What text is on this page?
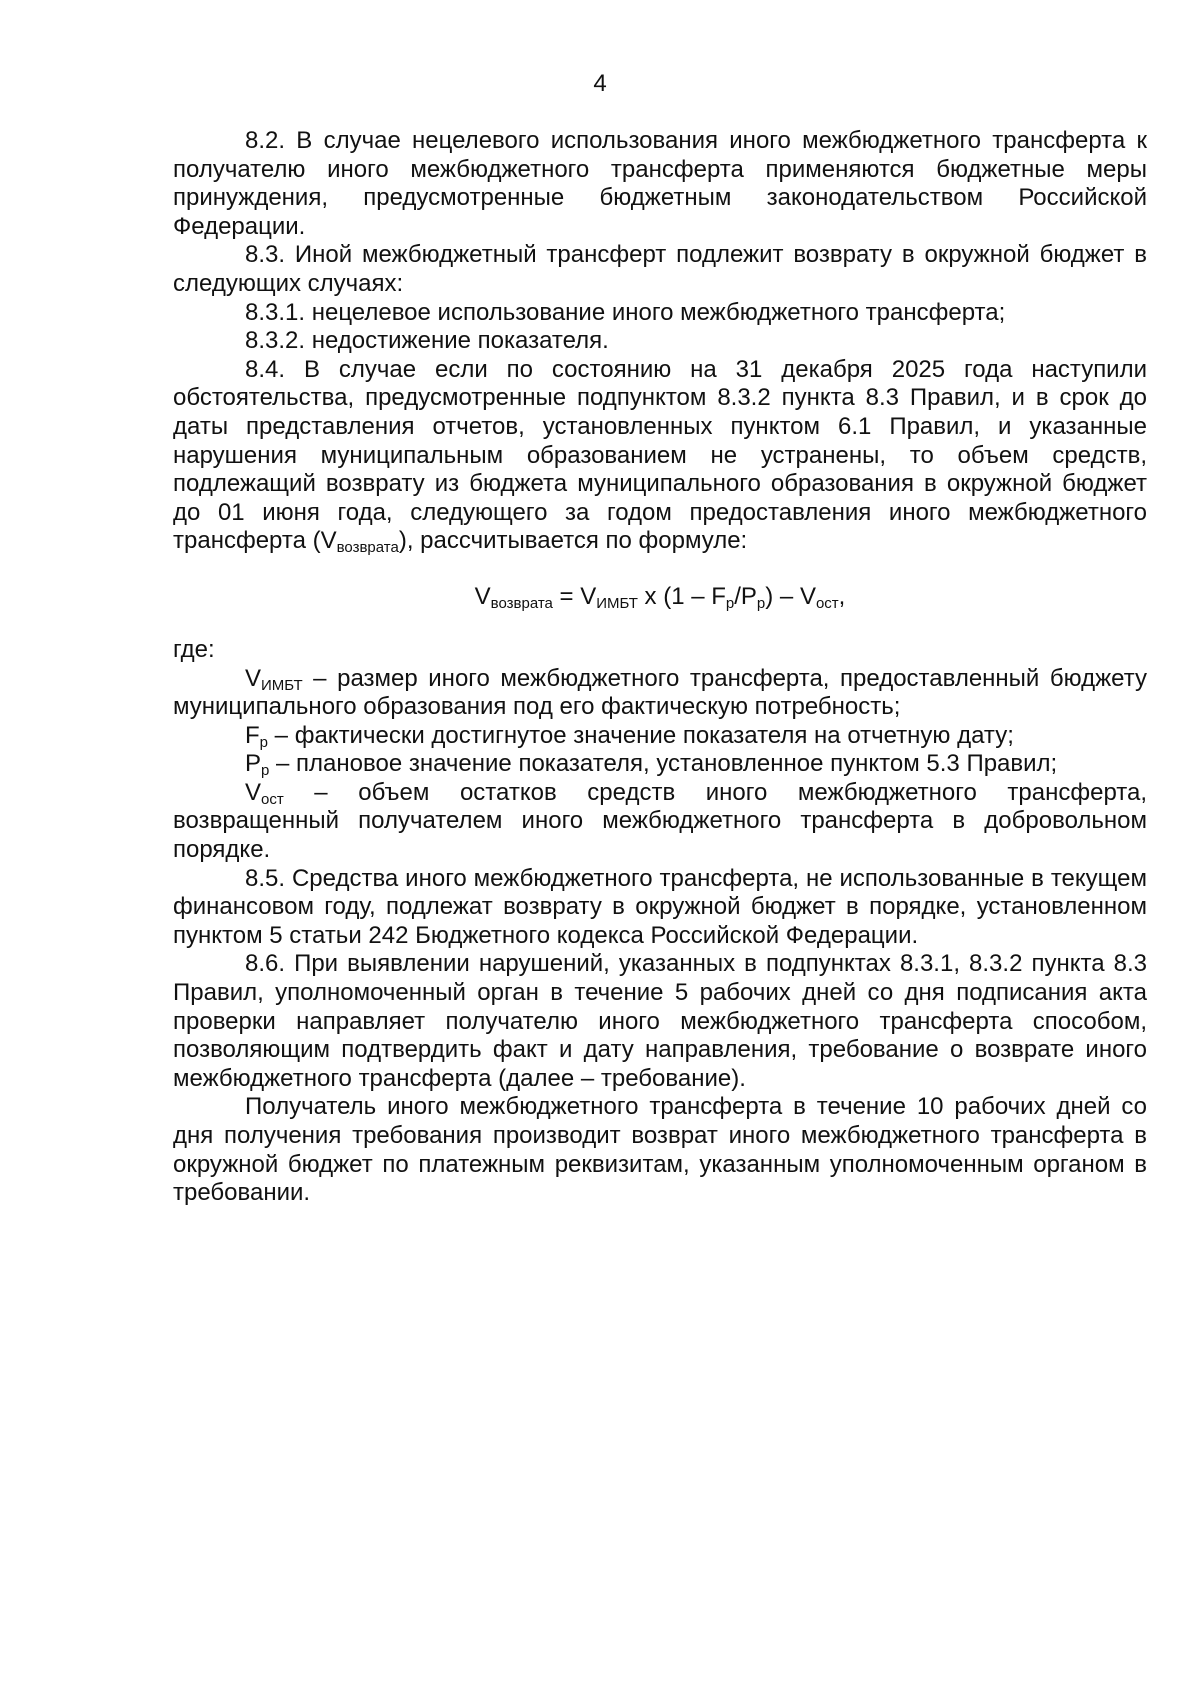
4

8.2. В случае нецелевого использования иного межбюджетного трансферта к получателю иного межбюджетного трансферта применяются бюджетные меры принуждения, предусмотренные бюджетным законодательством Российской Федерации.

8.3. Иной межбюджетный трансферт подлежит возврату в окружной бюджет в следующих случаях:

8.3.1. нецелевое использование иного межбюджетного трансферта;

8.3.2. недостижение показателя.

8.4. В случае если по состоянию на 31 декабря 2025 года наступили обстоятельства, предусмотренные подпунктом 8.3.2 пункта 8.3 Правил, и в срок до даты представления отчетов, установленных пунктом 6.1 Правил, и указанные нарушения муниципальным образованием не устранены, то объем средств, подлежащий возврату из бюджета муниципального образования в окружной бюджет до 01 июня года, следующего за годом предоставления иного межбюджетного трансферта $(V_{возврата})$, рассчитывается по формуле:

$V_{возврата} = V_{ИМБТ}$ x $(1 - F_р/P_р) - V_{ост}$,

где:

$V_{ИМБТ}$ – размер иного межбюджетного трансферта, предоставленный бюджету муниципального образования под его фактическую потребность;

$F_р$ – фактически достигнутое значение показателя на отчетную дату;

$P_р$ – плановое значение показателя, установленное пунктом 5.3 Правил;

$V_{ост}$ – объем остатков средств иного межбюджетного трансферта, возвращенный получателем иного межбюджетного трансферта в добровольном порядке.

8.5. Средства иного межбюджетного трансферта, не использованные в текущем финансовом году, подлежат возврату в окружной бюджет в порядке, установленном пунктом 5 статьи 242 Бюджетного кодекса Российской Федерации.

8.6. При выявлении нарушений, указанных в подпунктах 8.3.1, 8.3.2 пункта 8.3 Правил, уполномоченный орган в течение 5 рабочих дней со дня подписания акта проверки направляет получателю иного межбюджетного трансферта способом, позволяющим подтвердить факт и дату направления, требование о возврате иного межбюджетного трансферта (далее – требование).

Получатель иного межбюджетного трансферта в течение 10 рабочих дней со дня получения требования производит возврат иного межбюджетного трансферта в окружной бюджет по платежным реквизитам, указанным уполномоченным органом в требовании.
